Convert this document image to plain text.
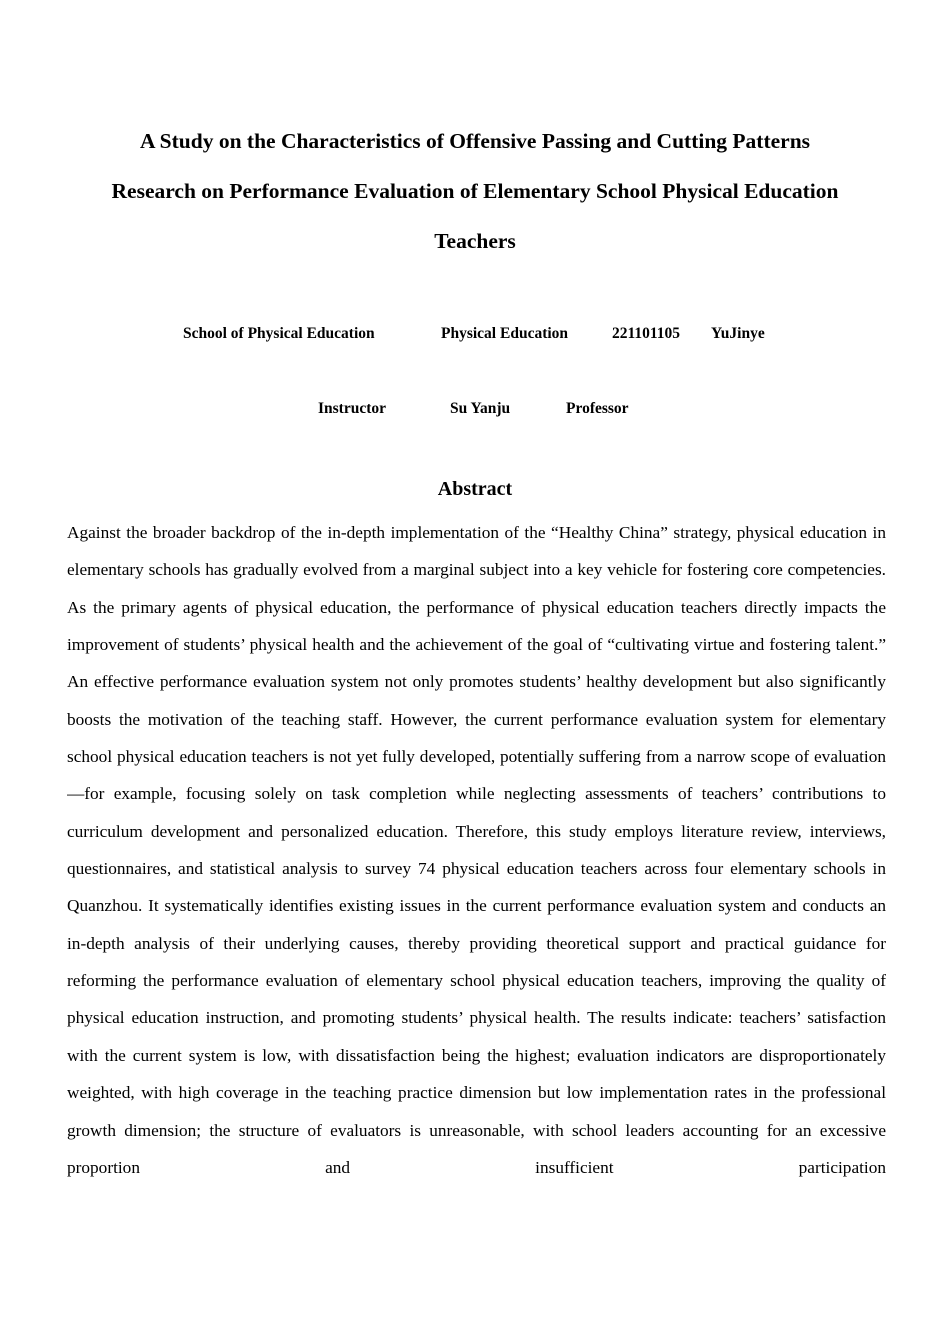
A Study on the Characteristics of Offensive Passing and Cutting Patterns
Research on Performance Evaluation of Elementary School Physical Education
Teachers
School of Physical Education	Physical Education	221101105 YuJinye
Instructor	Su Yanju	Professor
Abstract

Against the broader backdrop of the in-depth implementation of the “Healthy China” strategy, physical education in elementary schools has gradually evolved from a marginal subject into a key vehicle for fostering core competencies. As the primary agents of physical education, the performance of physical education teachers directly impacts the improvement of students’ physical health and the achievement of the goal of “cultivating virtue and fostering talent.” An effective performance evaluation system not only promotes students’ healthy development but also significantly boosts the motivation of the teaching staff. However, the current performance evaluation system for elementary school physical education teachers is not yet fully developed, potentially suffering from a narrow scope of evaluation—for example, focusing solely on task completion while neglecting assessments of teachers’ contributions to curriculum development and personalized education. Therefore, this study employs literature review, interviews, questionnaires, and statistical analysis to survey 74 physical education teachers across four elementary schools in Quanzhou. It systematically identifies existing issues in the current performance evaluation system and conducts an in-depth analysis of their underlying causes, thereby providing theoretical support and practical guidance for reforming the performance evaluation of elementary school physical education teachers, improving the quality of physical education instruction, and promoting students’ physical health. The results indicate: teachers’ satisfaction with the current system is low, with dissatisfaction being the highest; evaluation indicators are disproportionately weighted, with high coverage in the teaching practice dimension but low implementation rates in the professional growth dimension; the structure of evaluators is unreasonable, with school leaders accounting for an excessive proportion and insufficient participation
